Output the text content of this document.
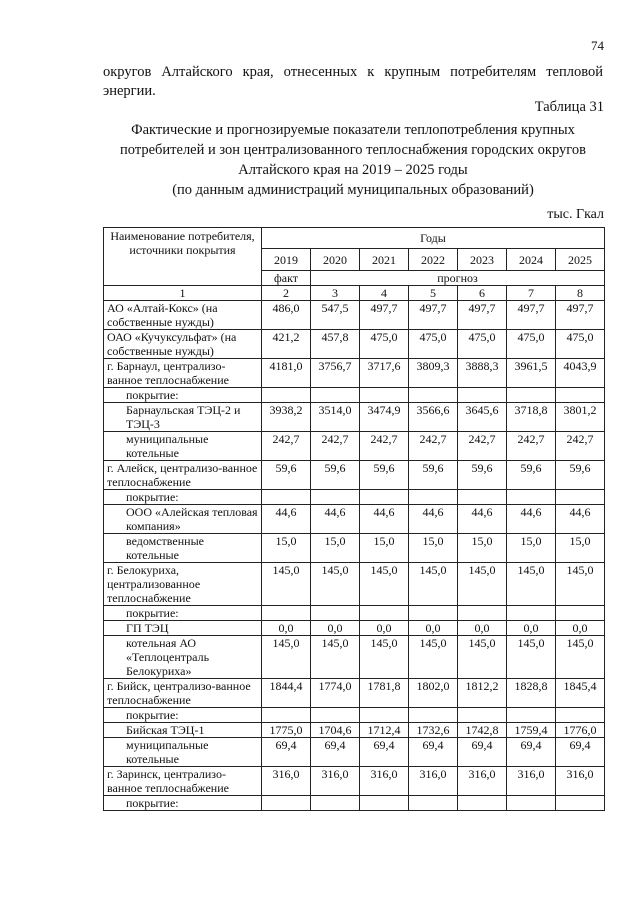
74
округов Алтайского края, отнесенных к крупным потребителям тепловой энергии.
Таблица 31
Фактические и прогнозируемые показатели теплопотребления крупных
потребителей и зон централизованного теплоснабжения городских округов
Алтайского края на 2019 – 2025 годы
(по данным администраций муниципальных образований)
тыс. Гкал
Наименование потребителя, источники покрытия	Годы						
	2019	2020	2021	2022	2023	2024	2025
	факт	прогноз					
1	2	3	4	5	6	7	8
АО «Алтай-Кокс» (на собственные нужды)	486,0	547,5	497,7	497,7	497,7	497,7	497,7
ОАО «Кучуксульфат» (на собственные нужды)	421,2	457,8	475,0	475,0	475,0	475,0	475,0
г. Барнаул, централизо-ванное теплоснабжение	4181,0	3756,7	3717,6	3809,3	3888,3	3961,5	4043,9
покрытие:							
Барнаульская ТЭЦ-2 и ТЭЦ-3	3938,2	3514,0	3474,9	3566,6	3645,6	3718,8	3801,2
муниципальные котельные	242,7	242,7	242,7	242,7	242,7	242,7	242,7
г. Алейск, централизо-ванное теплоснабжение	59,6	59,6	59,6	59,6	59,6	59,6	59,6
покрытие:							
ООО «Алейская тепловая компания»	44,6	44,6	44,6	44,6	44,6	44,6	44,6
ведомственные котельные	15,0	15,0	15,0	15,0	15,0	15,0	15,0
г. Белокуриха, централизованное теплоснабжение	145,0	145,0	145,0	145,0	145,0	145,0	145,0
покрытие:							
ГП ТЭЦ	0,0	0,0	0,0	0,0	0,0	0,0	0,0
котельная АО «Теплоцентраль Белокуриха»	145,0	145,0	145,0	145,0	145,0	145,0	145,0
г. Бийск, централизо-ванное теплоснабжение	1844,4	1774,0	1781,8	1802,0	1812,2	1828,8	1845,4
покрытие:							
Бийская ТЭЦ-1	1775,0	1704,6	1712,4	1732,6	1742,8	1759,4	1776,0
муниципальные котельные	69,4	69,4	69,4	69,4	69,4	69,4	69,4
г. Заринск, централизо-ванное теплоснабжение	316,0	316,0	316,0	316,0	316,0	316,0	316,0
покрытие:							
